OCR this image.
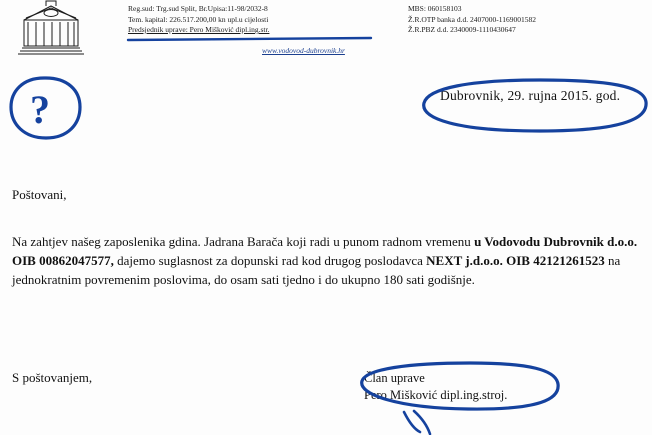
Reg.sud: Trg.sud Split, Br.Upisa:11-98/2032-8
Tem. kapital: 226.517.200,00 kn upl.u cijelosti
Predsjednik uprave: Pero Mišković dipl.ing.str.
MBS: 060158103
Ž.R.OTP banka d.d. 2407000-1169001582
Ž.R.PBZ d.d. 2340009-1110430647
www.vodovod-dubrovnik.hr
Dubrovnik, 29. rujna 2015. god.
Poštovani,
Na zahtjev našeg zaposlenika gdina. Jadrana Barača koji radi u punom radnom vremenu u Vodovodu Dubrovnik d.o.o. OIB 00862047577, dajemo suglasnost za dopunski rad kod drugog poslodavca NEXT j.d.o.o. OIB 42121261523 na jednokratnim povremenim poslovima, do osam sati tjedno i do ukupno 180 sati godišnje.
S poštovanjem,	Član uprave
Pero Mišković dipl.ing.stroj.
?
